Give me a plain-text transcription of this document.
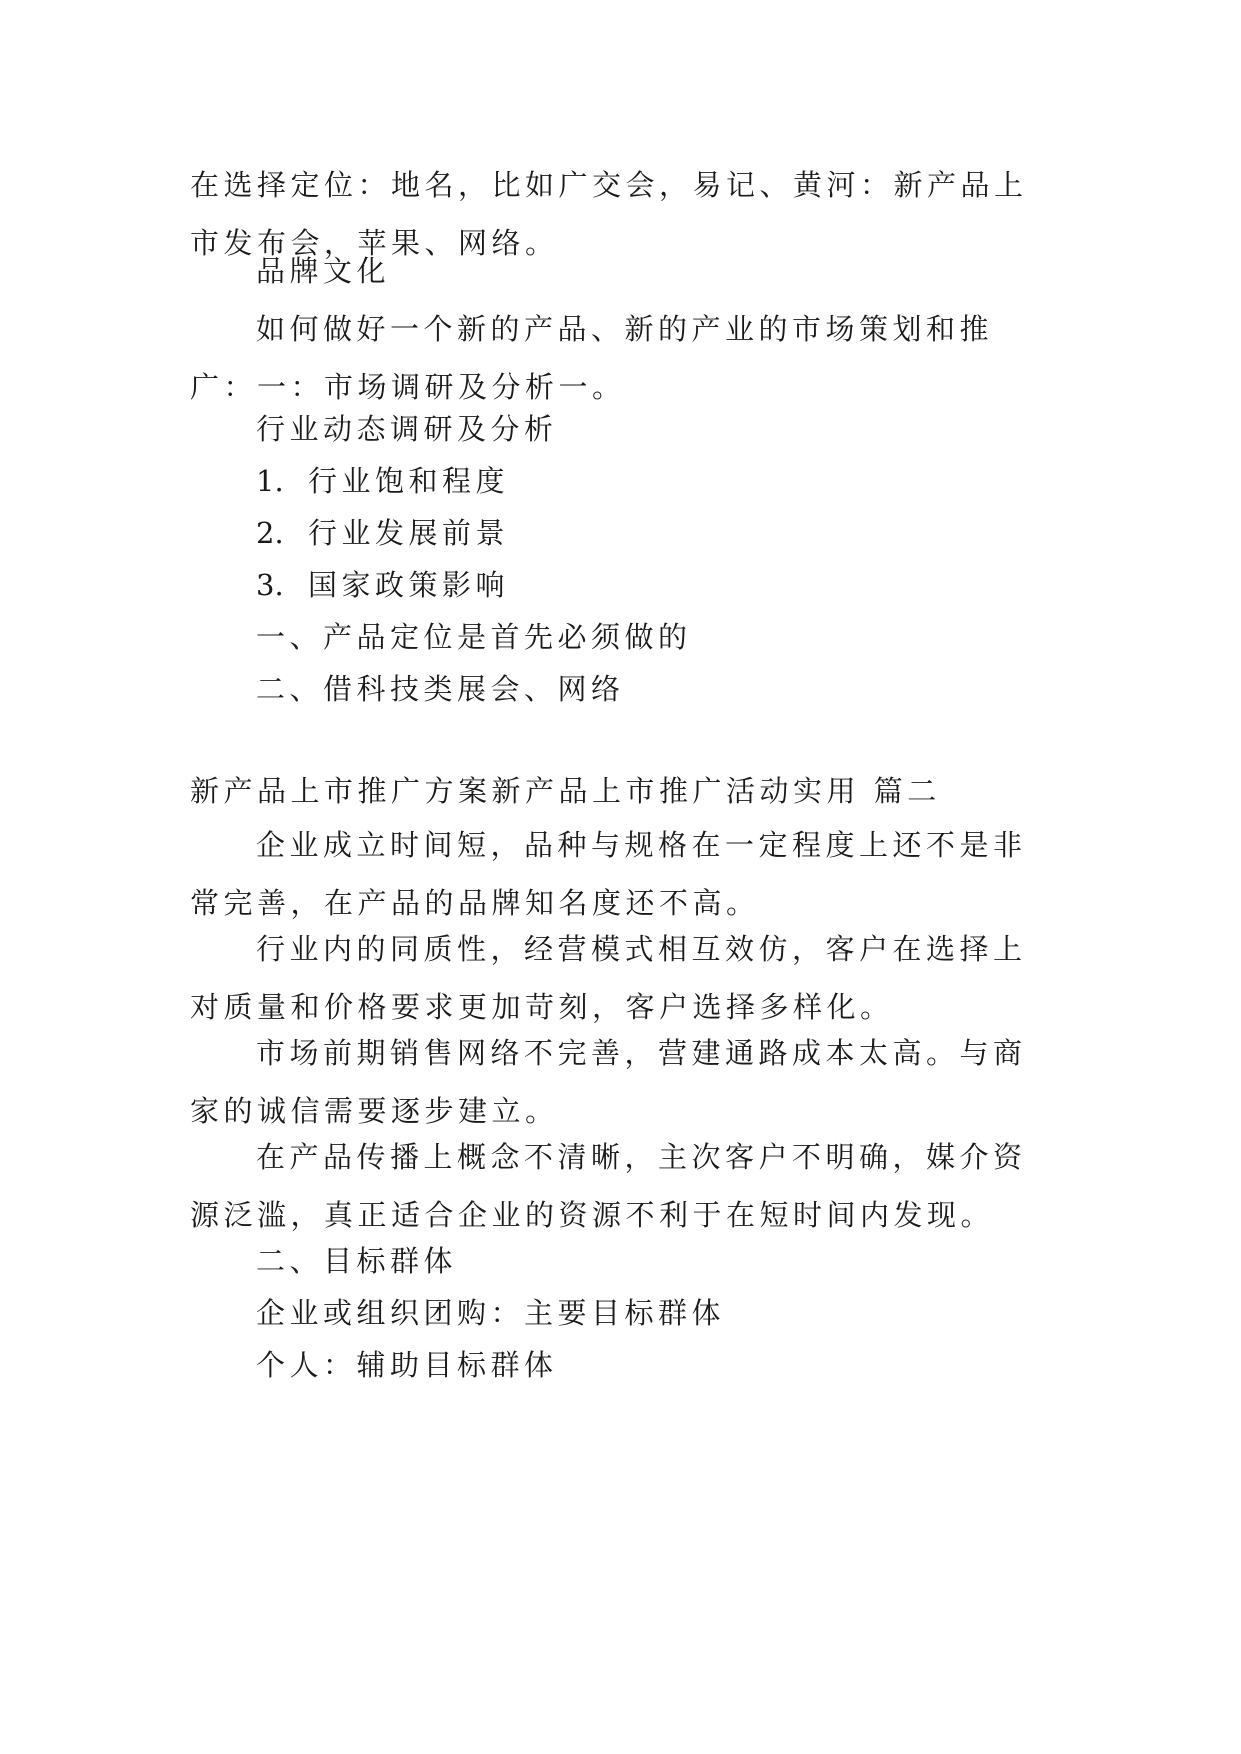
在选择定位：地名，比如广交会，易记、黄河：新产品上市发布会，苹果、网络。

品牌文化

如何做好一个新的产品、新的产业的市场策划和推广：一：市场调研及分析一。

行业动态调研及分析

1. 行业饱和程度

2. 行业发展前景

3. 国家政策影响

一、产品定位是首先必须做的

二、借科技类展会、网络

新产品上市推广方案新产品上市推广活动实用 篇二

企业成立时间短，品种与规格在一定程度上还不是非常完善，在产品的品牌知名度还不高。

行业内的同质性，经营模式相互效仿，客户在选择上对质量和价格要求更加苛刻，客户选择多样化。

市场前期销售网络不完善，营建通路成本太高。与商家的诚信需要逐步建立。

在产品传播上概念不清晰，主次客户不明确，媒介资源泛滥，真正适合企业的资源不利于在短时间内发现。

二、目标群体

企业或组织团购：主要目标群体

个人：辅助目标群体
